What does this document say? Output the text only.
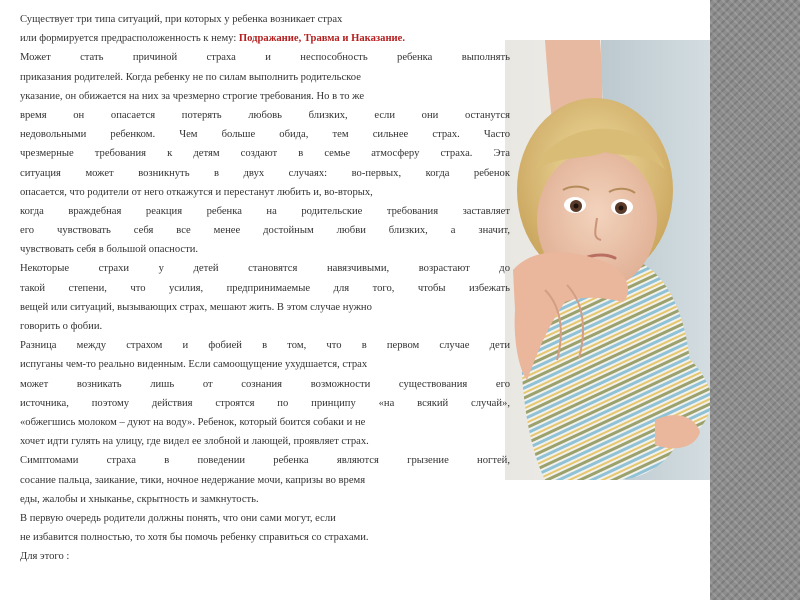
Существует три типа ситуаций, при которых у ребенка возникает страх
или формируется предрасположенность к нему: Подражание, Травма и Наказание.
Может стать причиной страха и неспособность ребенка выполнять
приказания родителей. Когда ребенку не по силам выполнить родительское
указание, он обижается на них за чрезмерно строгие требования. Но в то же
время он опасается потерять любовь близких, если они останутся
недовольными ребенком. Чем больше обида, тем сильнее страх. Часто
чрезмерные требования к детям создают в семье атмосферу страха. Эта
ситуация может возникнуть в двух случаях: во-первых, когда ребенок
опасается, что родители от него откажутся и перестанут любить и, во-вторых,
когда враждебная реакция ребенка на родительские требования заставляет
его чувствовать себя все менее достойным любви близких, а значит,
чувствовать себя в большой опасности.
Некоторые страхи у детей становятся навязчивыми, возрастают до
такой степени, что усилия, предпринимаемые для того, чтобы избежать
вещей или ситуаций, вызывающих страх, мешают жить. В этом случае нужно
говорить о фобии.
Разница между страхом и фобией в том, что в первом случае дети
испуганы чем-то реально виденным. Если самоощущение ухудшается, страх
может возникать лишь от сознания возможности существования его
источника, поэтому действия строятся по принципу «на всякий случай»,
«обжегшись молоком – дуют на воду». Ребенок, который боится собаки и не
хочет идти гулять на улицу, где видел ее злобной и лающей, проявляет страх.
Симптомами страха в поведении ребенка являются грызение ногтей,
сосание пальца, заикание, тики, ночное недержание мочи, капризы во время
еды, жалобы и хныканье, скрытность и замкнутость.
В первую очередь родители должны понять, что они сами могут, если
не избавится полностью, то хотя бы помочь ребенку справиться со страхами.
Для этого :
